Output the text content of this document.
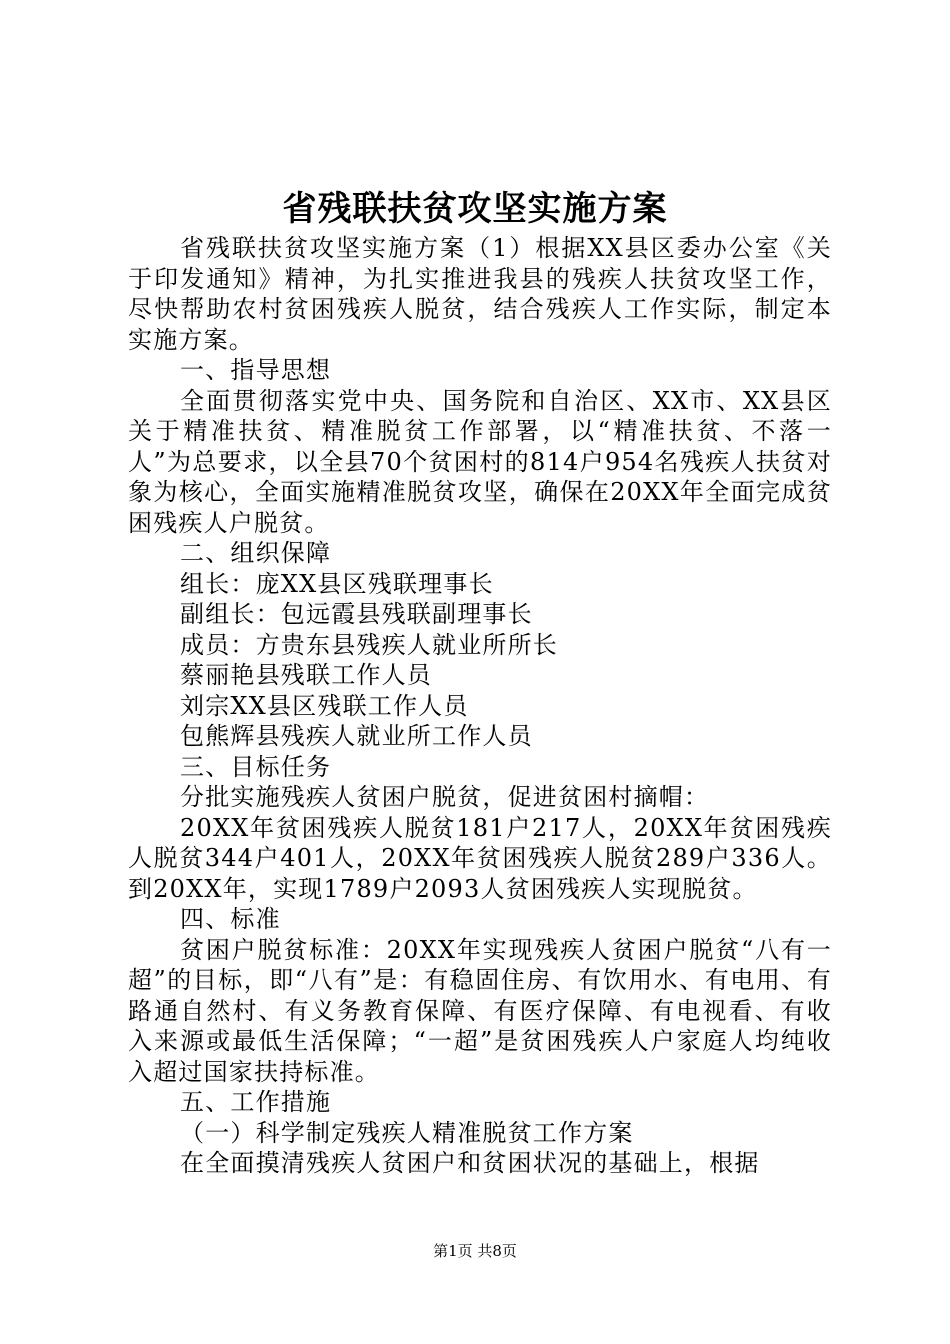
省残联扶贫攻坚实施方案

省残联扶贫攻坚实施方案（1）根据XX县区委办公室《关于印发通知》精神，为扎实推进我县的残疾人扶贫攻坚工作，尽快帮助农村贫困残疾人脱贫，结合残疾人工作实际，制定本实施方案。

一、指导思想

全面贯彻落实党中央、国务院和自治区、XX市、XX县区关于精准扶贫、精准脱贫工作部署，以“精准扶贫、不落一人”为总要求，以全县70个贫困村的814户954名残疾人扶贫对象为核心，全面实施精准脱贫攻坚，确保在20XX年全面完成贫困残疾人户脱贫。

二、组织保障

组长：庞XX县区残联理事长

副组长：包远霞县残联副理事长

成员：方贵东县残疾人就业所所长

蔡丽艳县残联工作人员

刘宗XX县区残联工作人员

包熊辉县残疾人就业所工作人员

三、目标任务

分批实施残疾人贫困户脱贫，促进贫困村摘帽：

20XX年贫困残疾人脱贫181户217人，20XX年贫困残疾人脱贫344户401人，20XX年贫困残疾人脱贫289户336人。到20XX年，实现1789户2093人贫困残疾人实现脱贫。

四、标准

贫困户脱贫标准：20XX年实现残疾人贫困户脱贫“八有一超”的目标，即“八有”是：有稳固住房、有饮用水、有电用、有路通自然村、有义务教育保障、有医疗保障、有电视看、有收入来源或最低生活保障；“一超”是贫困残疾人户家庭人均纯收入超过国家扶持标准。

五、工作措施

（一）科学制定残疾人精准脱贫工作方案

在全面摸清残疾人贫困户和贫困状况的基础上，根据

第1页 共8页
